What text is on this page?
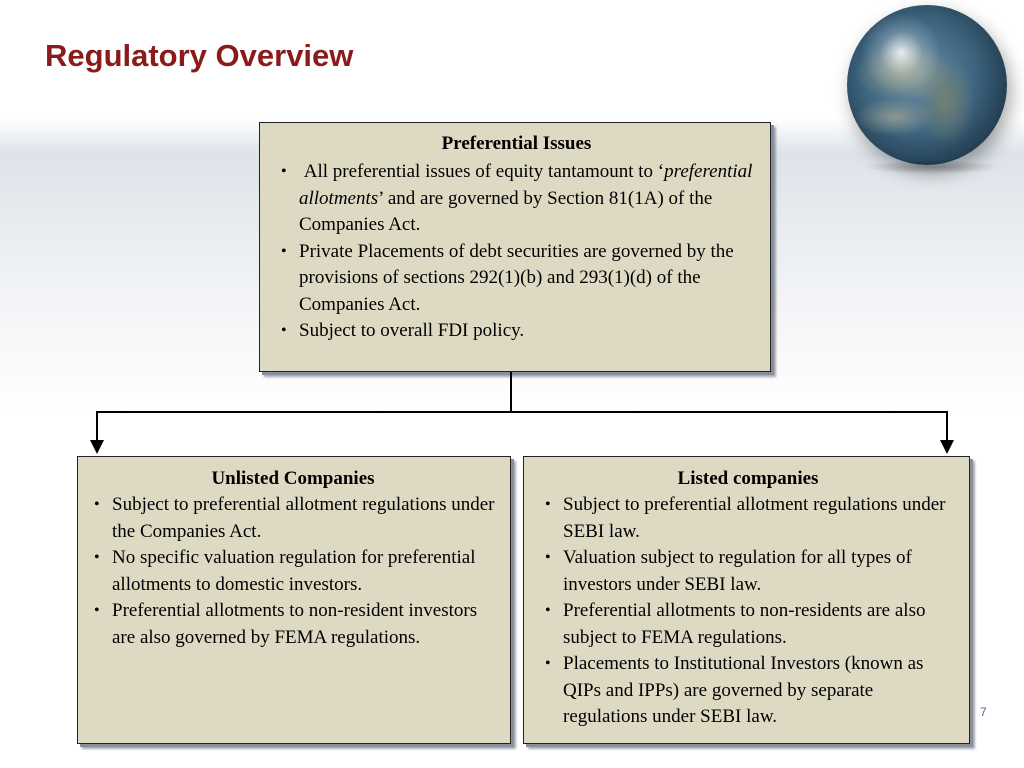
Regulatory Overview
Preferential Issues
•  All preferential issues of equity tantamount to ‘preferential allotments’ and are governed by Section 81(1A) of the Companies Act.
• Private Placements of debt securities are governed by the provisions of sections 292(1)(b) and 293(1)(d) of the Companies Act.
• Subject to overall FDI policy.
Unlisted Companies
• Subject to preferential allotment regulations under the Companies Act.
• No specific valuation regulation for preferential allotments to domestic investors.
• Preferential allotments to non-resident investors are also governed by FEMA regulations.
Listed companies
• Subject to preferential allotment regulations under SEBI law.
• Valuation subject to regulation for all types of investors under SEBI law.
• Preferential allotments to non-residents are also subject to FEMA regulations.
• Placements to Institutional Investors (known as QIPs and IPPs) are governed by separate regulations under SEBI law.	7
